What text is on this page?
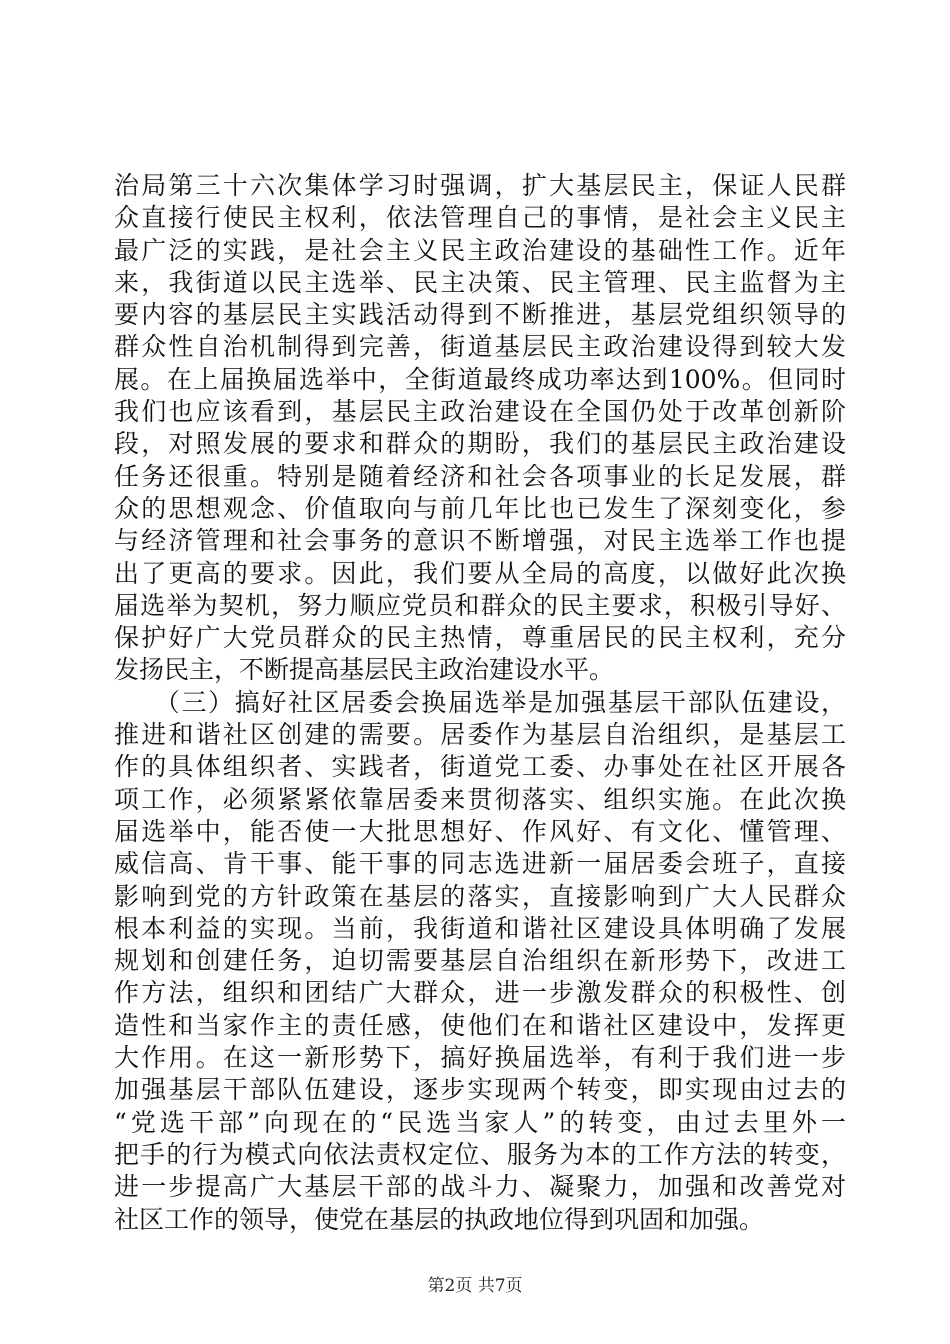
治局第三十六次集体学习时强调，扩大基层民主，保证人民群
众直接行使民主权利，依法管理自己的事情，是社会主义民主
最广泛的实践，是社会主义民主政治建设的基础性工作。近年
来，我街道以民主选举、民主决策、民主管理、民主监督为主
要内容的基层民主实践活动得到不断推进，基层党组织领导的
群众性自治机制得到完善，街道基层民主政治建设得到较大发
展。在上届换届选举中，全街道最终成功率达到100%。但同时
我们也应该看到，基层民主政治建设在全国仍处于改革创新阶
段，对照发展的要求和群众的期盼，我们的基层民主政治建设
任务还很重。特别是随着经济和社会各项事业的长足发展，群
众的思想观念、价值取向与前几年比也已发生了深刻变化，参
与经济管理和社会事务的意识不断增强，对民主选举工作也提
出了更高的要求。因此，我们要从全局的高度，以做好此次换
届选举为契机，努力顺应党员和群众的民主要求，积极引导好、
保护好广大党员群众的民主热情，尊重居民的民主权利，充分
发扬民主，不断提高基层民主政治建设水平。
　　（三）搞好社区居委会换届选举是加强基层干部队伍建设，
推进和谐社区创建的需要。居委作为基层自治组织，是基层工
作的具体组织者、实践者，街道党工委、办事处在社区开展各
项工作，必须紧紧依靠居委来贯彻落实、组织实施。在此次换
届选举中，能否使一大批思想好、作风好、有文化、懂管理、
威信高、肯干事、能干事的同志选进新一届居委会班子，直接
影响到党的方针政策在基层的落实，直接影响到广大人民群众
根本利益的实现。当前，我街道和谐社区建设具体明确了发展
规划和创建任务，迫切需要基层自治组织在新形势下，改进工
作方法，组织和团结广大群众，进一步激发群众的积极性、创
造性和当家作主的责任感，使他们在和谐社区建设中，发挥更
大作用。在这一新形势下，搞好换届选举，有利于我们进一步
加强基层干部队伍建设，逐步实现两个转变，即实现由过去的
“党选干部”向现在的“民选当家人”的转变，由过去里外一
把手的行为模式向依法责权定位、服务为本的工作方法的转变，
进一步提高广大基层干部的战斗力、凝聚力，加强和改善党对
社区工作的领导，使党在基层的执政地位得到巩固和加强。
第2页 共7页
